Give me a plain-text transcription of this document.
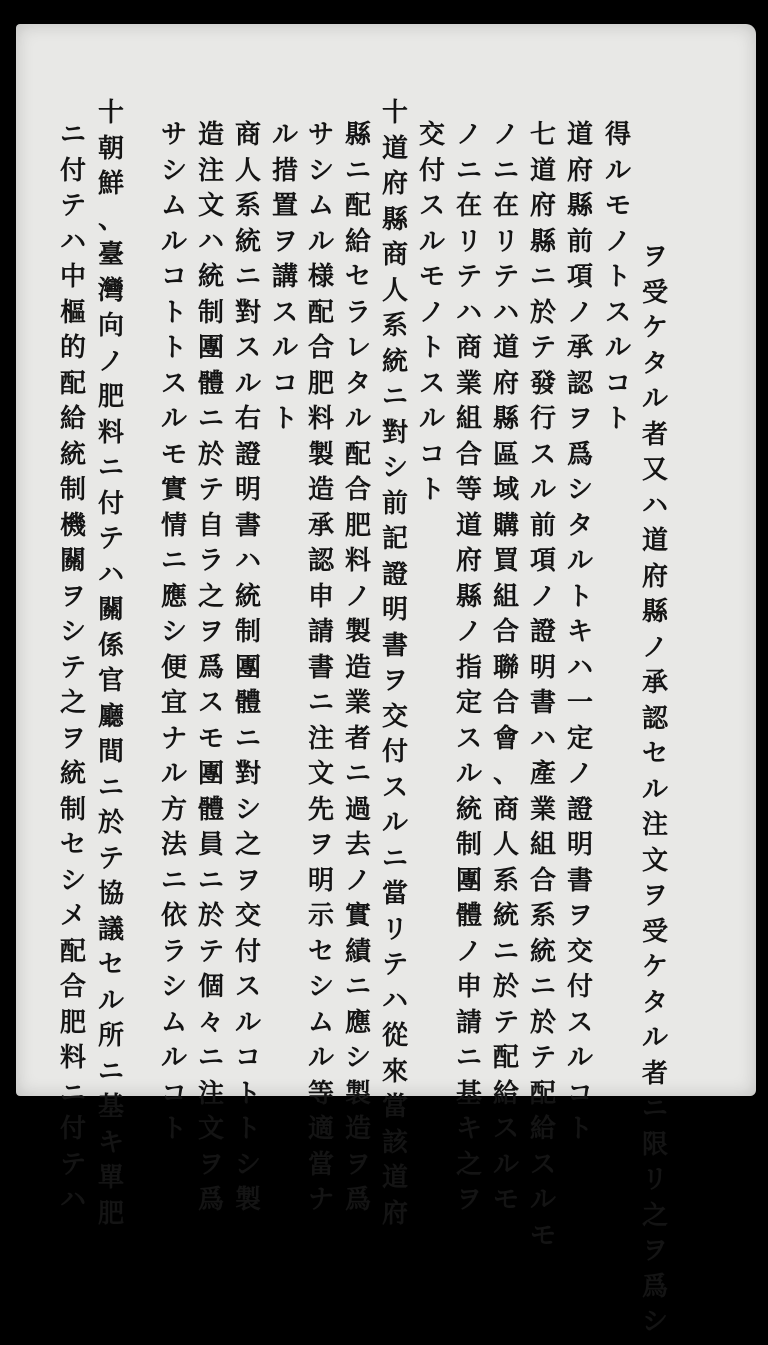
ヲ
受
ケ
タ
ル
者
又
ハ
道
府
縣
ノ
承
認
セ
ル
注
文
ヲ
受
ケ
タ
ル
者
ニ
限
リ
之
ヲ
爲
シ
得
ル
モ
ノ
ト
ス
ル
コ
ト
道
府
縣
前
項
ノ
承
認
ヲ
爲
シ
タ
ル
ト
キ
ハ
一
定
ノ
證
明
書
ヲ
交
付
ス
ル
コ
ト
七
道
府
縣
ニ
於
テ
發
行
ス
ル
前
項
ノ
證
明
書
ハ
產
業
組
合
系
統
ニ
於
テ
配
給
ス
ル
モ
ノ
ニ
在
リ
テ
ハ
道
府
縣
區
域
購
買
組
合
聯
合
會
、
商
人
系
統
ニ
於
テ
配
給
ス
ル
モ
ノ
ニ
在
リ
テ
ハ
商
業
組
合
等
道
府
縣
ノ
指
定
ス
ル
統
制
團
體
ノ
申
請
ニ
基
キ
之
ヲ
交
付
ス
ル
モ
ノ
ト
ス
ル
コ
ト
十
道
府
縣
商
人
系
統
ニ
對
シ
前
記
證
明
書
ヲ
交
付
ス
ル
ニ
當
リ
テ
ハ
從
來
當
該
道
府
縣
ニ
配
給
セ
ラ
レ
タ
ル
配
合
肥
料
ノ
製
造
業
者
ニ
過
去
ノ
實
績
ニ
應
シ
製
造
ヲ
爲
サ
シ
ム
ル
様
配
合
肥
料
製
造
承
認
申
請
書
ニ
注
文
先
ヲ
明
示
セ
シ
ム
ル
等
適
當
ナ
ル
措
置
ヲ
講
ス
ル
コ
ト
商
人
系
統
ニ
對
ス
ル
右
證
明
書
ハ
統
制
團
體
ニ
對
シ
之
ヲ
交
付
ス
ル
コ
ト
ト
シ
製
造
注
文
ハ
統
制
團
體
ニ
於
テ
自
ラ
之
ヲ
爲
ス
モ
團
體
員
ニ
於
テ
個
々
ニ
注
文
ヲ
爲
サ
シ
ム
ル
コ
ト
ト
ス
ル
モ
實
情
ニ
應
シ
便
宜
ナ
ル
方
法
ニ
依
ラ
シ
ム
ル
コ
ト
十
朝
鮮
、
臺
灣
向
ノ
肥
料
ニ
付
テ
ハ
關
係
官
廳
間
ニ
於
テ
協
議
セ
ル
所
ニ
基
キ
單
肥
ニ
付
テ
ハ
中
樞
的
配
給
統
制
機
關
ヲ
シ
テ
之
ヲ
統
制
セ
シ
メ
配
合
肥
料
ニ
付
テ
ハ
